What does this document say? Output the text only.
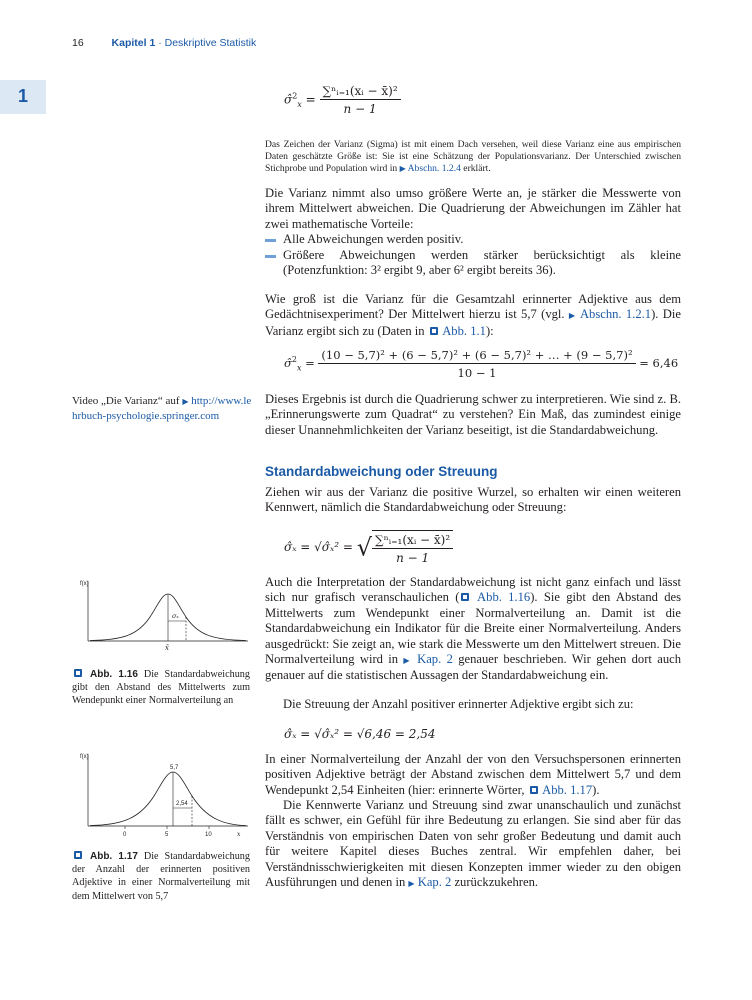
16	Kapitel 1 · Deskriptive Statistik
1	σ̂$^2_x$ = $\frac{\text{∑ⁿᵢ₌₁(xᵢ − x̄)²}}{n - 1}$
Das Zeichen der Varianz (Sigma) ist mit einem Dach versehen, weil diese Varianz eine aus empirischen Daten geschätzte Größe ist: Sie ist eine Schätzung der Populationsvarianz. Der Unterschied zwischen Stichprobe und Population wird in ▶ Abschn. 1.2.4 erklärt.
Die Varianz nimmt also umso größere Werte an, je stärker die Messwerte von ihrem Mittelwert abweichen. Die Quadrierung der Abweichungen im Zähler hat zwei mathematische Vorteile:
Alle Abweichungen werden positiv.
Größere Abweichungen werden stärker berücksichtigt als kleine (Potenzfunktion: 3² ergibt 9, aber 6² ergibt bereits 36).
Wie groß ist die Varianz für die Gesamtzahl erinnerter Adjektive aus dem Gedächtnisexperiment? Der Mittelwert hierzu ist 5,7 (vgl. ▶ Abschn. 1.2.1). Die Varianz ergibt sich zu (Daten in  Abb. 1.1):
σ̂$^2_x$ = $\frac{\text{(10 − 5,7)² + (6 − 5,7)² + (6 − 5,7)² + … + (9 − 5,7)²}}{10 - 1} = 6,46$
Video „Die Varianz“ auf ▶ http://www.lehrbuch-psychologie.springer.com
Dieses Ergebnis ist durch die Quadrierung schwer zu interpretieren. Wie sind z. B. „Erinnerungswerte zum Quadrat“ zu verstehen? Ein Maß, das zumindest einige dieser Unannehmlichkeiten der Varianz beseitigt, ist die Standardabweichung.
Standardabweichung oder Streuung
Ziehen wir aus der Varianz die positive Wurzel, so erhalten wir einen weiteren Kennwert, nämlich die Standardabweichung oder Streuung:
σ̂ₓ = √σ̂ₓ² = √ $\frac{\text{∑ⁿᵢ₌₁(xᵢ − x̄)²}}{n - 1}$
f(x)
σₓ
x̄
Abb. 1.16 Die Standardabweichung gibt den Abstand des Mittelwerts zum Wendepunkt einer Normalverteilung an
Auch die Interpretation der Standardabweichung ist nicht ganz einfach und lässt sich nur grafisch veranschaulichen ( Abb. 1.16). Sie gibt den Abstand des Mittelwerts zum Wendepunkt einer Normalverteilung an. Damit ist die Standardabweichung ein Indikator für die Breite einer Normalverteilung. Anders ausgedrückt: Sie zeigt an, wie stark die Messwerte um den Mittelwert streuen. Die Normalverteilung wird in ▶ Kap. 2 genauer beschrieben. Wir gehen dort auch genauer auf die statistischen Aussagen der Standardabweichung ein.
Die Streuung der Anzahl positiver erinnerter Adjektive ergibt sich zu:
σ̂ₓ = √σ̂ₓ² = √6,46 = 2,54
f(x)
5,7
2,54
0	5	10	x
Abb. 1.17 Die Standardabweichung der Anzahl der erinnerten positiven Adjektive in einer Normalverteilung mit dem Mittelwert von 5,7
In einer Normalverteilung der Anzahl der von den Versuchspersonen erinnerten positiven Adjektive beträgt der Abstand zwischen dem Mittelwert 5,7 und dem Wendepunkt 2,54 Einheiten (hier: erinnerte Wörter,  Abb. 1.17).
Die Kennwerte Varianz und Streuung sind zwar unanschaulich und zunächst fällt es schwer, ein Gefühl für ihre Bedeutung zu erlangen. Sie sind aber für das Verständnis von empirischen Daten von sehr großer Bedeutung und damit auch für weitere Kapitel dieses Buches zentral. Wir empfehlen daher, bei Verständnisschwierigkeiten mit diesen Konzepten immer wieder zu den obigen Ausführungen und denen in ▶ Kap. 2 zurückzukehren.
